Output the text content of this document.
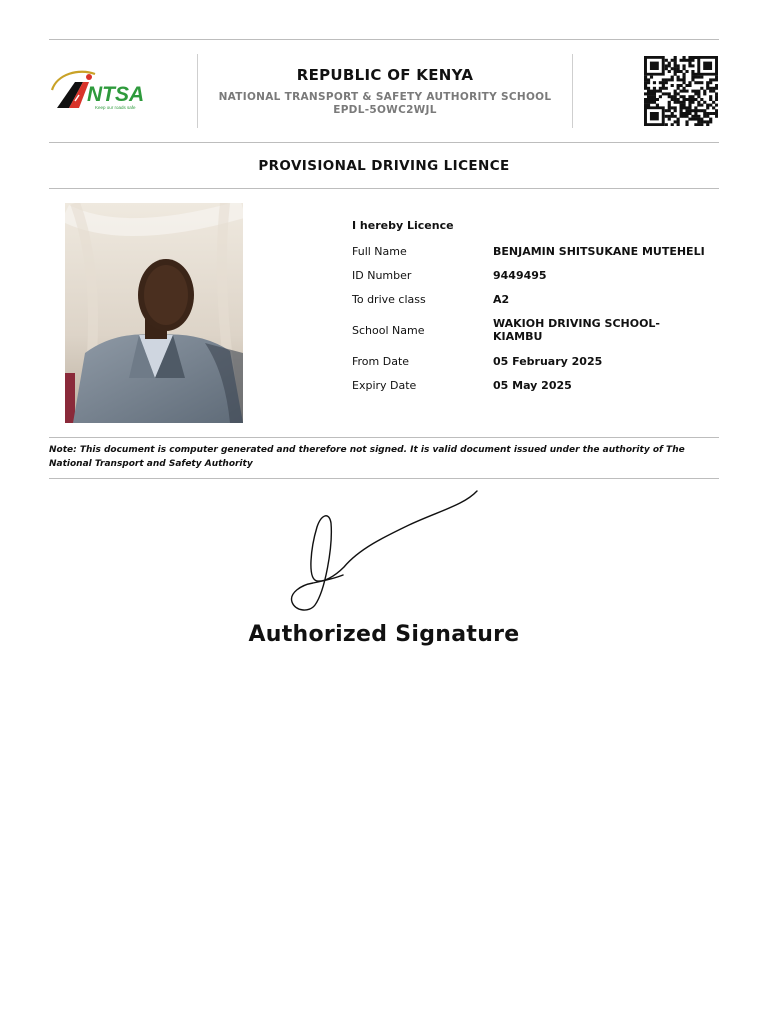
NTSA
Keep our roads safe
REPUBLIC OF KENYA
NATIONAL TRANSPORT & SAFETY AUTHORITY SCHOOL
EPDL-5OWC2WJL
PROVISIONAL DRIVING LICENCE
I hereby Licence
Full Name	BENJAMIN SHITSUKANE MUTEHELI
ID Number	9449495
To drive class	A2
School Name	WAKIOH DRIVING SCHOOL-KIAMBU
From Date	05 February 2025
Expiry Date	05 May 2025
Note: This document is computer generated and therefore not signed. It is valid document issued under the authority of The National Transport and Safety Authority
Authorized Signature
